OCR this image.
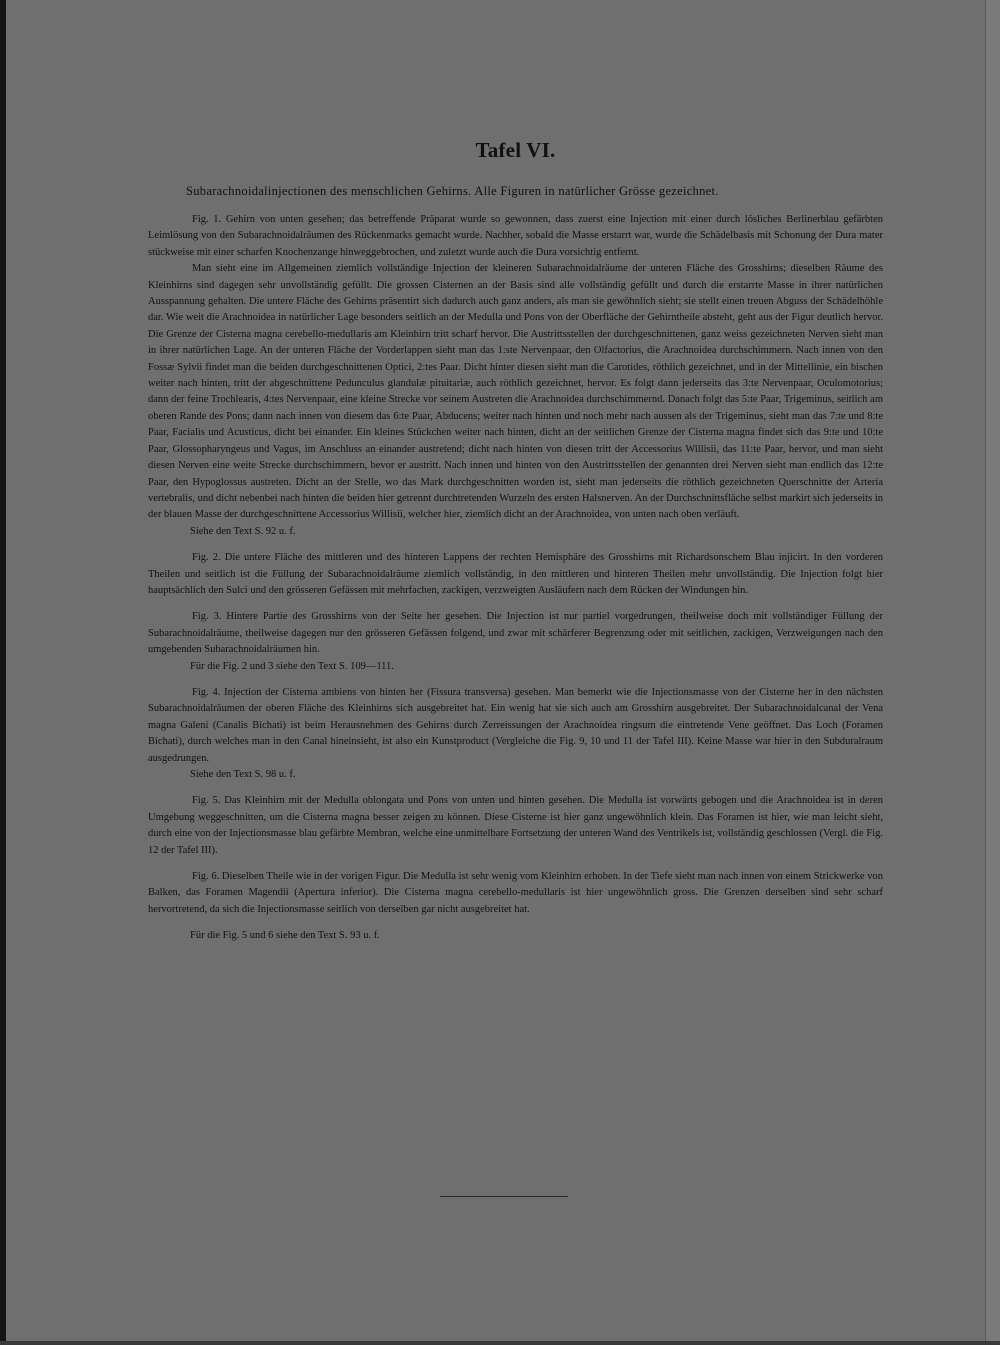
Tafel VI.
Subarachnoidalinjectionen des menschlichen Gehirns. Alle Figuren in natürlicher Grösse gezeichnet.

Fig. 1. Gehirn von unten gesehen; das betreffende Präparat wurde so gewonnen, dass zuerst eine Injection mit einer durch lösliches Berlinerblau gefärbten Leimlösung von den Subarachnoidalräumen des Rückenmarks gemacht wurde. Nachher, sobald die Masse erstarrt war, wurde die Schädelbasis mit Schonung der Dura mater stückweise mit einer scharfen Knochenzange hinweggebrochen, und zuletzt wurde auch die Dura vorsichtig entfernt.

Man sieht eine im Allgemeinen ziemlich vollständige Injection der kleineren Subarachnoidalräume der unteren Fläche des Grosshirns; dieselben Räume des Kleinhirns sind dagegen sehr unvollständig gefüllt. Die grossen Cisternen an der Basis sind alle vollständig gefüllt und durch die erstarrte Masse in ihrer natürlichen Ausspannung gehalten. Die untere Fläche des Gehirns präsentirt sich dadurch auch ganz anders, als man sie gewöhnlich sieht; sie stellt einen treuen Abguss der Schädelhöhle dar. Wie weit die Arachnoidea in natürlicher Lage besonders seitlich an der Medulla und Pons von der Oberfläche der Gehirntheile absteht, geht aus der Figur deutlich hervor. Die Grenze der Cisterna magna cerebello-medullaris am Kleinhirn tritt scharf hervor. Die Austrittsstellen der durchgeschnittenen, ganz weiss gezeichneten Nerven sieht man in ihrer natürlichen Lage. An der unteren Fläche der Vorderlappen sieht man das 1:ste Nervenpaar, den Olfactorius, die Arachnoidea durchschimmern. Nach innen von den Fossæ Sylvii findet man die beiden durchgeschnittenen Optici, 2:tes Paar. Dicht hinter diesen sieht man die Carotides, röthlich gezeichnet, und in der Mittellinie, ein bischen weiter nach hinten, tritt der abgeschnittene Pedunculus glandulæ pituitariæ, auch röthlich gezeichnet, hervor. Es folgt dann jederseits das 3:te Nervenpaar, Oculomotorius; dann der feine Trochlearis, 4:tes Nervenpaar, eine kleine Strecke vor seinem Austreten die Arachnoidea durchschimmernd. Danach folgt das 5:te Paar, Trigeminus, seitlich am oberen Rande des Pons; dann nach innen von diesem das 6:te Paar, Abducens; weiter nach hinten und noch mehr nach aussen als der Trigeminus, sieht man das 7:te und 8:te Paar, Facialis und Acusticus, dicht bei einander. Ein kleines Stückchen weiter nach hinten, dicht an der seitlichen Grenze der Cisterna magna findet sich das 9:te und 10:te Paar, Glossopharyngeus und Vagus, im Anschluss an einander austretend; dicht nach hinten von diesen tritt der Accessorius Willisii, das 11:te Paar, hervor, und man sieht diesen Nerven eine weite Strecke durchschimmern, bevor er austritt. Nach innen und hinten von den Austrittsstellen der genannten drei Nerven sieht man endlich das 12:te Paar, den Hypoglossus austreten. Dicht an der Stelle, wo das Mark durchgeschnitten worden ist, sieht man jederseits die röthlich gezeichneten Querschnitte der Arteria vertebralis, und dicht nebenbei nach hinten die beiden hier getrennt durchtretenden Wurzeln des ersten Halsnerven. An der Durchschnittsfläche selbst markirt sich jederseits in der blauen Masse der durchgeschnittene Accessorius Willisii, welcher hier, ziemlich dicht an der Arachnoidea, von unten nach oben verläuft.

Siehe den Text S. 92 u. f.

Fig. 2. Die untere Fläche des mittleren und des hinteren Lappens der rechten Hemisphäre des Grosshirns mit Richardsonschem Blau injicirt. In den vorderen Theilen und seitlich ist die Füllung der Subarachnoidalräume ziemlich vollständig, in den mittleren und hinteren Theilen mehr unvollständig. Die Injection folgt hier hauptsächlich den Sulci und den grösseren Gefässen mit mehrfachen, zackigen, verzweigten Ausläufern nach dem Rücken der Windungen hin.

Fig. 3. Hintere Partie des Grosshirns von der Seite her gesehen. Die Injection ist nur partiel vorgedrungen, theilweise doch mit vollständiger Füllung der Subarachnoidalräume, theilweise dagegen nur den grösseren Gefässen folgend, und zwar mit schärferer Begrenzung oder mit seitlichen, zackigen, Verzweigungen nach den umgebenden Subarachnoidalräumen hin.

Für die Fig. 2 und 3 siehe den Text S. 109—111.

Fig. 4. Injection der Cisterna ambiens von hinten her (Fissura transversa) gesehen. Man bemerkt wie die Injectionsmasse von der Cisterne her in den nächsten Subarachnoidalräumen der oberen Fläche des Kleinhirns sich ausgebreitet hat. Ein wenig hat sie sich auch am Grosshirn ausgebreitet. Der Subarachnoidalcanal der Vena magna Galeni (Canalis Bichati) ist beim Herausnehmen des Gehirns durch Zerreissungen der Arachnoidea ringsum die eintretende Vene geöffnet. Das Loch (Foramen Bichati), durch welches man in den Canal hineinsieht, ist also ein Kunstproduct (Vergleiche die Fig. 9, 10 und 11 der Tafel III). Keine Masse war hier in den Subduralraum ausgedrungen.

Siehe den Text S. 98 u. f.

Fig. 5. Das Kleinhirn mit der Medulla oblongata und Pons von unten und hinten gesehen. Die Medulla ist vorwärts gebogen und die Arachnoidea ist in deren Umgebung weggeschnitten, um die Cisterna magna besser zeigen zu können. Diese Cisterne ist hier ganz ungewöhnlich klein. Das Foramen ist hier, wie man leicht sieht, durch eine von der Injectionsmasse blau gefärbte Membran, welche eine unmittelbare Fortsetzung der unteren Wand des Ventrikels ist, vollständig geschlossen (Vergl. die Fig. 12 der Tafel III).

Fig. 6. Dieselben Theile wie in der vorigen Figur. Die Medulla ist sehr wenig vom Kleinhirn erhoben. In der Tiefe sieht man nach innen von einem Strickwerke von Balken, das Foramen Magendii (Apertura inferior). Die Cisterna magna cerebello-medullaris ist hier ungewöhnlich gross. Die Grenzen derselben sind sehr scharf hervortretend, da sich die Injectionsmasse seitlich von derselben gar nicht ausgebreitet hat.

Für die Fig. 5 und 6 siehe den Text S. 93 u. f.
